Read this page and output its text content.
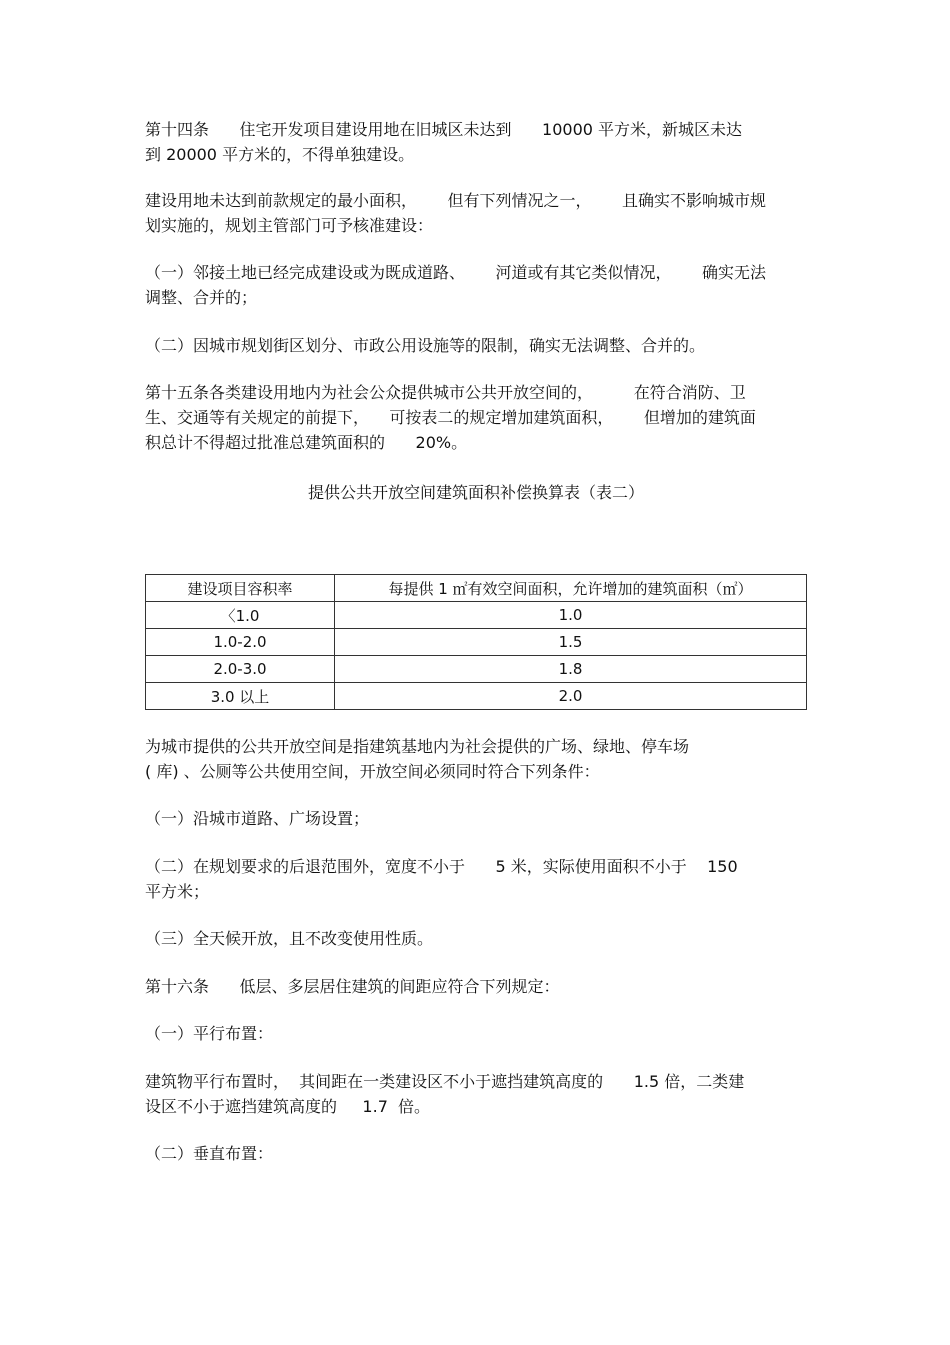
第十四条      住宅开发项目建设用地在旧城区未达到      10000 平方米，新城区未达
到 20000 平方米的，不得单独建设。
建设用地未达到前款规定的最小面积，      但有下列情况之一，      且确实不影响城市规
划实施的，规划主管部门可予核准建设：
（一）邻接土地已经完成建设或为既成道路、      河道或有其它类似情况，      确实无法
调整、合并的；
（二）因城市规划街区划分、市政公用设施等的限制，确实无法调整、合并的。
第十五条各类建设用地内为社会公众提供城市公共开放空间的，        在符合消防、卫
生、交通等有关规定的前提下，    可按表二的规定增加建筑面积，      但增加的建筑面
积总计不得超过批准总建筑面积的      20%。
提供公共开放空间建筑面积补偿换算表（表二）
建设项目容积率	每提供 1 ㎡有效空间面积，允许增加的建筑面积（㎡）
〈1.0	1.0
1.0-2.0	1.5
2.0-3.0	1.8
3.0 以上	2.0
为城市提供的公共开放空间是指建筑基地内为社会提供的广场、绿地、停车场
( 库) 、公厕等公共使用空间，开放空间必须同时符合下列条件：
（一）沿城市道路、广场设置；
（二）在规划要求的后退范围外，宽度不小于      5 米，实际使用面积不小于    150
平方米；
（三）全天候开放，且不改变使用性质。
第十六条      低层、多层居住建筑的间距应符合下列规定：
（一）平行布置：
建筑物平行布置时，  其间距在一类建设区不小于遮挡建筑高度的      1.5 倍，二类建
设区不小于遮挡建筑高度的     1.7  倍。
（二）垂直布置：
